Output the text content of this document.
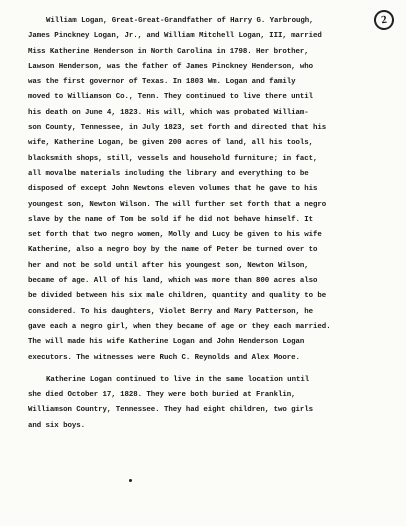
2
William Logan, Great-Great-Grandfather of Harry G. Yarbrough,
James Pinckney Logan, Jr., and William Mitchell Logan, III, married
Miss Katherine Henderson in North Carolina in 1798. Her brother,
Lawson Henderson, was the father of James Pinckney Henderson, who
was the first governor of Texas. In 1803 Wm. Logan and family
moved to Williamson Co., Tenn. They continued to live there until
his death on June 4, 1823. His will, which was probated William-
son County, Tennessee, in July 1823, set forth and directed that his
wife, Katherine Logan, be given 200 acres of land, all his tools,
blacksmith shops, still, vessels and household furniture; in fact,
all movalbe materials including the library and everything to be
disposed of except John Newtons eleven volumes that he gave to his
youngest son, Newton Wilson. The will further set forth that a negro
slave by the name of Tom be sold if he did not behave himself. It
set forth that two negro women, Molly and Lucy be given to his wife
Katherine, also a negro boy by the name of Peter be turned over to
her and not be sold until after his youngest son, Newton Wilson,
became of age. All of his land, which was more than 800 acres also
be divided between his six male children, quantity and quality to be
considered. To his daughters, Violet Berry and Mary Patterson, he
gave each a negro girl, when they became of age or they each married.
The will made his wife Katherine Logan and John Henderson Logan
executors. The witnesses were Ruch C. Reynolds and Alex Moore.
Katherine Logan continued to live in the same location until
she died October 17, 1828. They were both buried at Franklin,
Williamson Country, Tennessee. They had eight children, two girls
and six boys.
